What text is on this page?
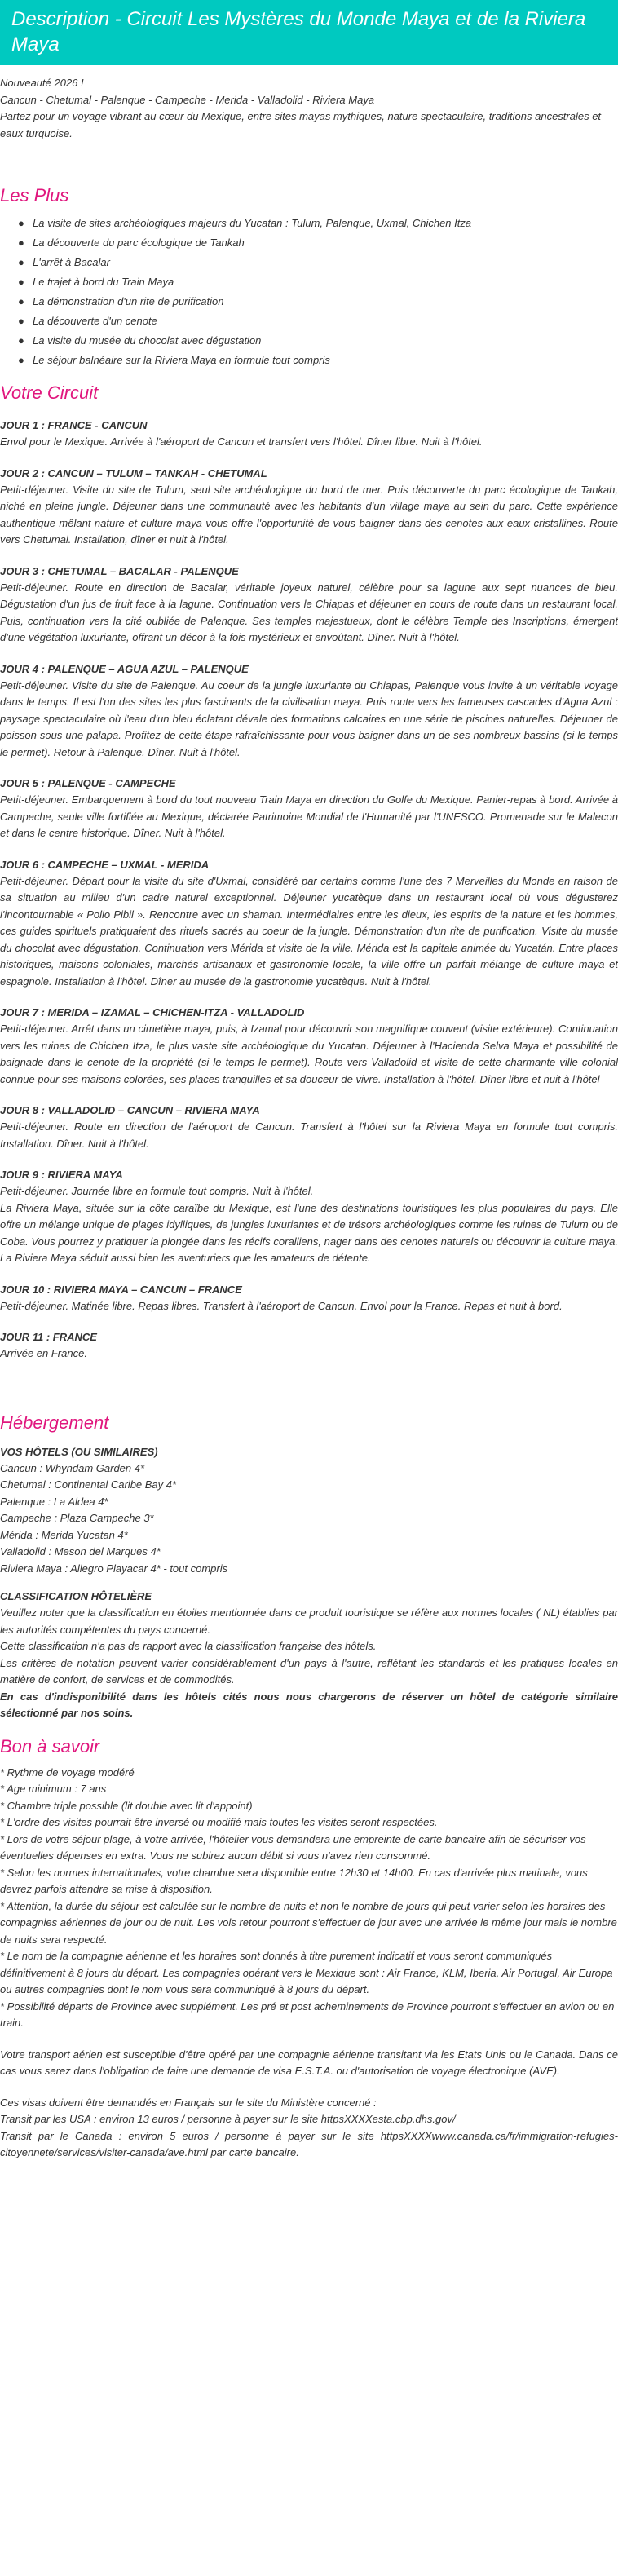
Description - Circuit Les Mystères du Monde Maya et de la Riviera Maya

Nouveauté 2026 !

Cancun - Chetumal - Palenque - Campeche - Merida - Valladolid - Riviera Maya

Partez pour un voyage vibrant au cœur du Mexique, entre sites mayas mythiques, nature spectaculaire, traditions ancestrales et eaux turquoise.

Les Plus
● La visite de sites archéologiques majeurs du Yucatan : Tulum, Palenque, Uxmal, Chichen Itza
● La découverte du parc écologique de Tankah
● L'arrêt à Bacalar
● Le trajet à bord du Train Maya
● La démonstration d'un rite de purification
● La découverte d'un cenote
● La visite du musée du chocolat avec dégustation
● Le séjour balnéaire sur la Riviera Maya en formule tout compris
Votre Circuit

JOUR 1 : FRANCE - CANCUN

Envol pour le Mexique. Arrivée à l'aéroport de Cancun et transfert vers l'hôtel. Dîner libre. Nuit à l'hôtel.

JOUR 2 : CANCUN – TULUM – TANKAH - CHETUMAL

Petit-déjeuner. Visite du site de Tulum, seul site archéologique du bord de mer. Puis découverte du parc écologique de Tankah, niché en pleine jungle. Déjeuner dans une communauté avec les habitants d'un village maya au sein du parc. Cette expérience authentique mêlant nature et culture maya vous offre l'opportunité de vous baigner dans des cenotes aux eaux cristallines. Route vers Chetumal. Installation, dîner et nuit à l'hôtel.

JOUR 3 : CHETUMAL – BACALAR - PALENQUE

Petit-déjeuner. Route en direction de Bacalar, véritable joyeux naturel, célèbre pour sa lagune aux sept nuances de bleu. Dégustation d'un jus de fruit face à la lagune. Continuation vers le Chiapas et déjeuner en cours de route dans un restaurant local. Puis, continuation vers la cité oubliée de Palenque. Ses temples majestueux, dont le célèbre Temple des Inscriptions, émergent d'une végétation luxuriante, offrant un décor à la fois mystérieux et envoûtant. Dîner. Nuit à l'hôtel.

JOUR 4 : PALENQUE – AGUA AZUL – PALENQUE

Petit-déjeuner. Visite du site de Palenque. Au coeur de la jungle luxuriante du Chiapas, Palenque vous invite à un véritable voyage dans le temps. Il est l'un des sites les plus fascinants de la civilisation maya. Puis route vers les fameuses cascades d'Agua Azul : paysage spectaculaire où l'eau d'un bleu éclatant dévale des formations calcaires en une série de piscines naturelles. Déjeuner de poisson sous une palapa. Profitez de cette étape rafraîchissante pour vous baigner dans un de ses nombreux bassins (si le temps le permet). Retour à Palenque. Dîner. Nuit à l'hôtel.

JOUR 5 : PALENQUE - CAMPECHE

Petit-déjeuner. Embarquement à bord du tout nouveau Train Maya en direction du Golfe du Mexique. Panier-repas à bord. Arrivée à Campeche, seule ville fortifiée au Mexique, déclarée Patrimoine Mondial de l'Humanité par l'UNESCO. Promenade sur le Malecon et dans le centre historique. Dîner. Nuit à l'hôtel.

JOUR 6 : CAMPECHE – UXMAL - MERIDA

Petit-déjeuner. Départ pour la visite du site d'Uxmal, considéré par certains comme l'une des 7 Merveilles du Monde en raison de sa situation au milieu d'un cadre naturel exceptionnel. Déjeuner yucatèque dans un restaurant local où vous dégusterez l'incontournable « Pollo Pibil ». Rencontre avec un shaman. Intermédiaires entre les dieux, les esprits de la nature et les hommes, ces guides spirituels pratiquaient des rituels sacrés au coeur de la jungle. Démonstration d'un rite de purification. Visite du musée du chocolat avec dégustation. Continuation vers Mérida et visite de la ville. Mérida est la capitale animée du Yucatán. Entre places historiques, maisons coloniales, marchés artisanaux et gastronomie locale, la ville offre un parfait mélange de culture maya et espagnole. Installation à l'hôtel. Dîner au musée de la gastronomie yucatèque. Nuit à l'hôtel.

JOUR 7 : MERIDA – IZAMAL – CHICHEN-ITZA - VALLADOLID

Petit-déjeuner. Arrêt dans un cimetière maya, puis, à Izamal pour découvrir son magnifique couvent (visite extérieure). Continuation vers les ruines de Chichen Itza, le plus vaste site archéologique du Yucatan. Déjeuner à l'Hacienda Selva Maya et possibilité de baignade dans le cenote de la propriété (si le temps le permet). Route vers Valladolid et visite de cette charmante ville colonial connue pour ses maisons colorées, ses places tranquilles et sa douceur de vivre. Installation à l'hôtel. Dîner libre et nuit à l'hôtel

JOUR 8 : VALLADOLID – CANCUN – RIVIERA MAYA

Petit-déjeuner. Route en direction de l'aéroport de Cancun. Transfert à l'hôtel sur la Riviera Maya en formule tout compris. Installation. Dîner. Nuit à l'hôtel.

JOUR 9 : RIVIERA MAYA

Petit-déjeuner. Journée libre en formule tout compris. Nuit à l'hôtel.

La Riviera Maya, située sur la côte caraïbe du Mexique, est l'une des destinations touristiques les plus populaires du pays. Elle offre un mélange unique de plages idylliques, de jungles luxuriantes et de trésors archéologiques comme les ruines de Tulum ou de Coba. Vous pourrez y pratiquer la plongée dans les récifs coralliens, nager dans des cenotes naturels ou découvrir la culture maya. La Riviera Maya séduit aussi bien les aventuriers que les amateurs de détente.

JOUR 10 : RIVIERA MAYA – CANCUN – FRANCE

Petit-déjeuner. Matinée libre. Repas libres. Transfert à l'aéroport de Cancun. Envol pour la France. Repas et nuit à bord.

JOUR 11 : FRANCE

Arrivée en France.

Hébergement

VOS HÔTELS (OU SIMILAIRES)

Cancun : Whyndam Garden 4*

Chetumal : Continental Caribe Bay 4*

Palenque : La Aldea 4*

Campeche : Plaza Campeche 3*

Mérida : Merida Yucatan 4*

Valladolid : Meson del Marques 4*

Riviera Maya : Allegro Playacar 4* - tout compris

CLASSIFICATION HÔTELIÈRE

Veuillez noter que la classification en étoiles mentionnée dans ce produit touristique se réfère aux normes locales ( NL) établies par les autorités compétentes du pays concerné.

Cette classification n'a pas de rapport avec la classification française des hôtels.

Les critères de notation peuvent varier considérablement d'un pays à l'autre, reflétant les standards et les pratiques locales en matière de confort, de services et de commodités.

En cas d'indisponibilité dans les hôtels cités nous nous chargerons de réserver un hôtel de catégorie similaire sélectionné par nos soins.

Bon à savoir

* Rythme de voyage modéré

* Age minimum : 7 ans

* Chambre triple possible (lit double avec lit d'appoint)

* L'ordre des visites pourrait être inversé ou modifié mais toutes les visites seront respectées.

* Lors de votre séjour plage, à votre arrivée, l'hôtelier vous demandera une empreinte de carte bancaire afin de sécuriser vos éventuelles dépenses en extra. Vous ne subirez aucun débit si vous n'avez rien consommé.

* Selon les normes internationales, votre chambre sera disponible entre 12h30 et 14h00. En cas d'arrivée plus matinale, vous devrez parfois attendre sa mise à disposition.

* Attention, la durée du séjour est calculée sur le nombre de nuits et non le nombre de jours qui peut varier selon les horaires des compagnies aériennes de jour ou de nuit. Les vols retour pourront s'effectuer de jour avec une arrivée le même jour mais le nombre de nuits sera respecté.

* Le nom de la compagnie aérienne et les horaires sont donnés à titre purement indicatif et vous seront communiqués définitivement à 8 jours du départ. Les compagnies opérant vers le Mexique sont : Air France, KLM, Iberia, Air Portugal, Air Europa ou autres compagnies dont le nom vous sera communiqué à 8 jours du départ.

* Possibilité départs de Province avec supplément. Les pré et post acheminements de Province pourront s'effectuer en avion ou en train.

Votre transport aérien est susceptible d'être opéré par une compagnie aérienne transitant via les Etats Unis ou le Canada. Dans ce cas vous serez dans l'obligation de faire une demande de visa E.S.T.A. ou d'autorisation de voyage électronique (AVE).

Ces visas doivent être demandés en Français sur le site du Ministère concerné :

Transit par les USA : environ 13 euros / personne à payer sur le site httpsXXXXesta.cbp.dhs.gov/

Transit par le Canada : environ 5 euros / personne à payer sur le site httpsXXXXwww.canada.ca/fr/immigration-refugies-citoyennete/services/visiter-canada/ave.html par carte bancaire.
